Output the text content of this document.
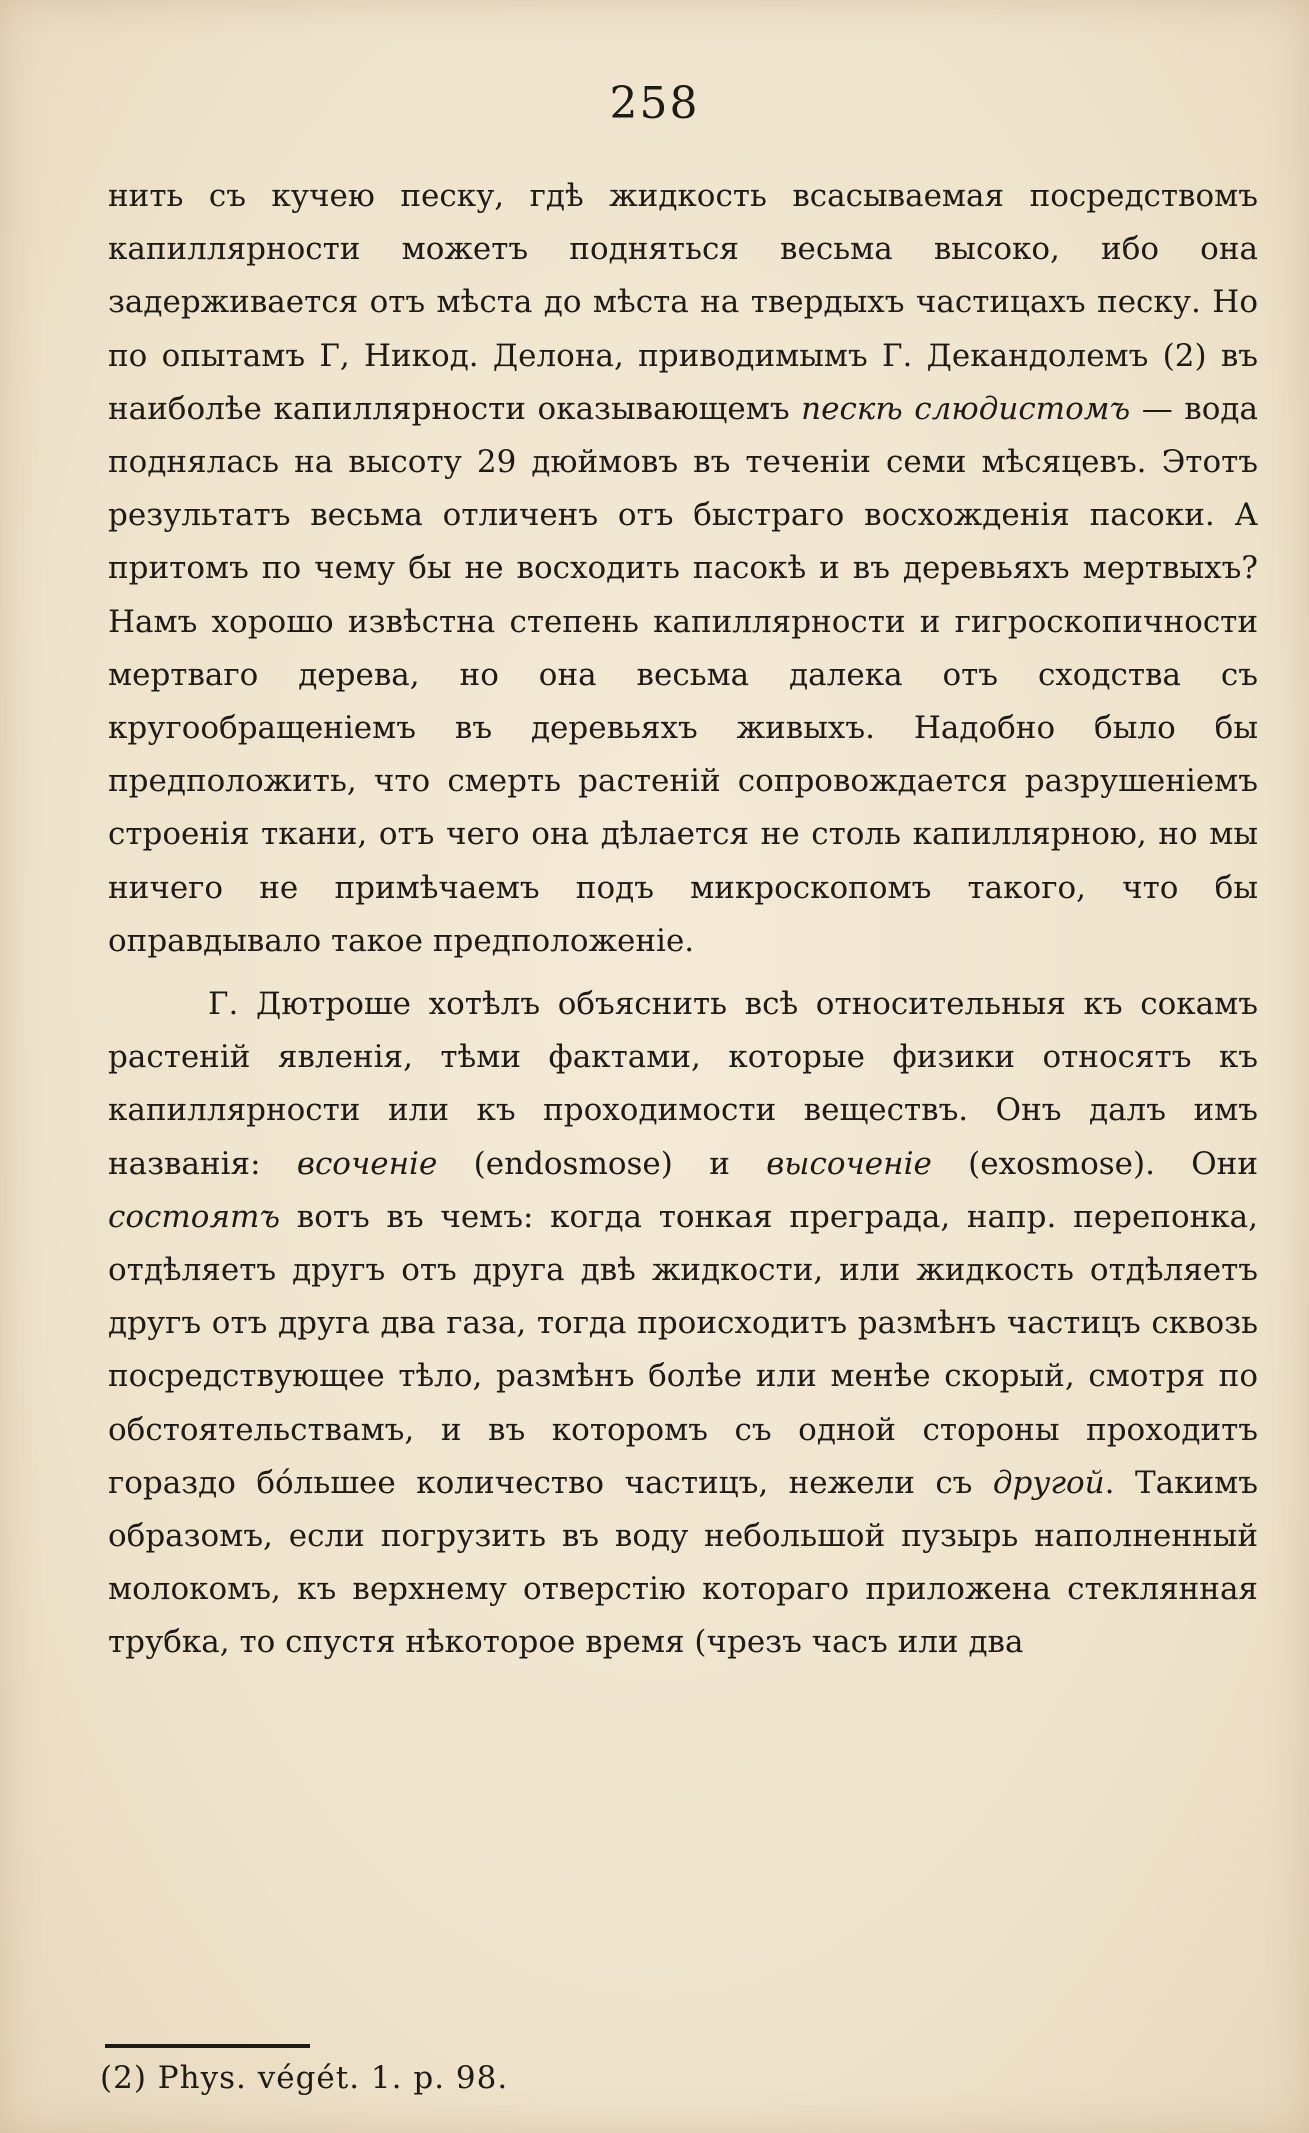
258

нить съ кучею песку, гдѣ жидкость всасываемая посредствомъ капиллярности можетъ подняться весьма высоко, ибо она задерживается отъ мѣста до мѣста на твердыхъ частицахъ песку. Но по опытамъ Г, Никод. Делона, приводимымъ Г. Декандолемъ (2) въ наиболѣе капиллярности оказывающемъ пескѣ слюдистомъ — вода поднялась на высоту 29 дюймовъ въ теченіи семи мѣсяцевъ. Этотъ результатъ весьма отличенъ отъ быстраго восхожденія пасоки. А притомъ по чему бы не восходить пасокѣ и въ деревьяхъ мертвыхъ? Намъ хорошо извѣстна степень капиллярности и гигроскопичности мертваго дерева, но она весьма далека отъ сходства съ кругообращеніемъ въ деревьяхъ живыхъ. Надобно было бы предположить, что смерть растеній сопровождается разрушеніемъ строенія ткани, отъ чего она дѣлается не столь капиллярною, но мы ничего не примѣчаемъ подъ микроскопомъ такого, что бы оправдывало такое предположеніе.

Г. Дютроше хотѣлъ объяснить всѣ относительныя къ сокамъ растеній явленія, тѣми фактами, которые физики относятъ къ капиллярности или къ проходимости веществъ. Онъ далъ имъ названія: всоченіе (endosmose) и высоченіе (exosmose). Они состоятъ вотъ въ чемъ: когда тонкая преграда, напр. перепонка, отдѣляетъ другъ отъ друга двѣ жидкости, или жидкость отдѣляетъ другъ отъ друга два газа, тогда происходитъ размѣнъ частицъ сквозь посредствующее тѣло, размѣнъ болѣе или менѣе скорый, смотря по обстоятельствамъ, и въ которомъ съ одной стороны проходитъ гораздо бо́льшее количество частицъ, нежели съ другой. Такимъ образомъ, если погрузить въ воду небольшой пузырь наполненный молокомъ, къ верхнему отверстію котораго приложена стеклянная трубка, то спустя нѣкоторое время (чрезъ часъ или два

(2) Phys. végét. 1. p. 98.
